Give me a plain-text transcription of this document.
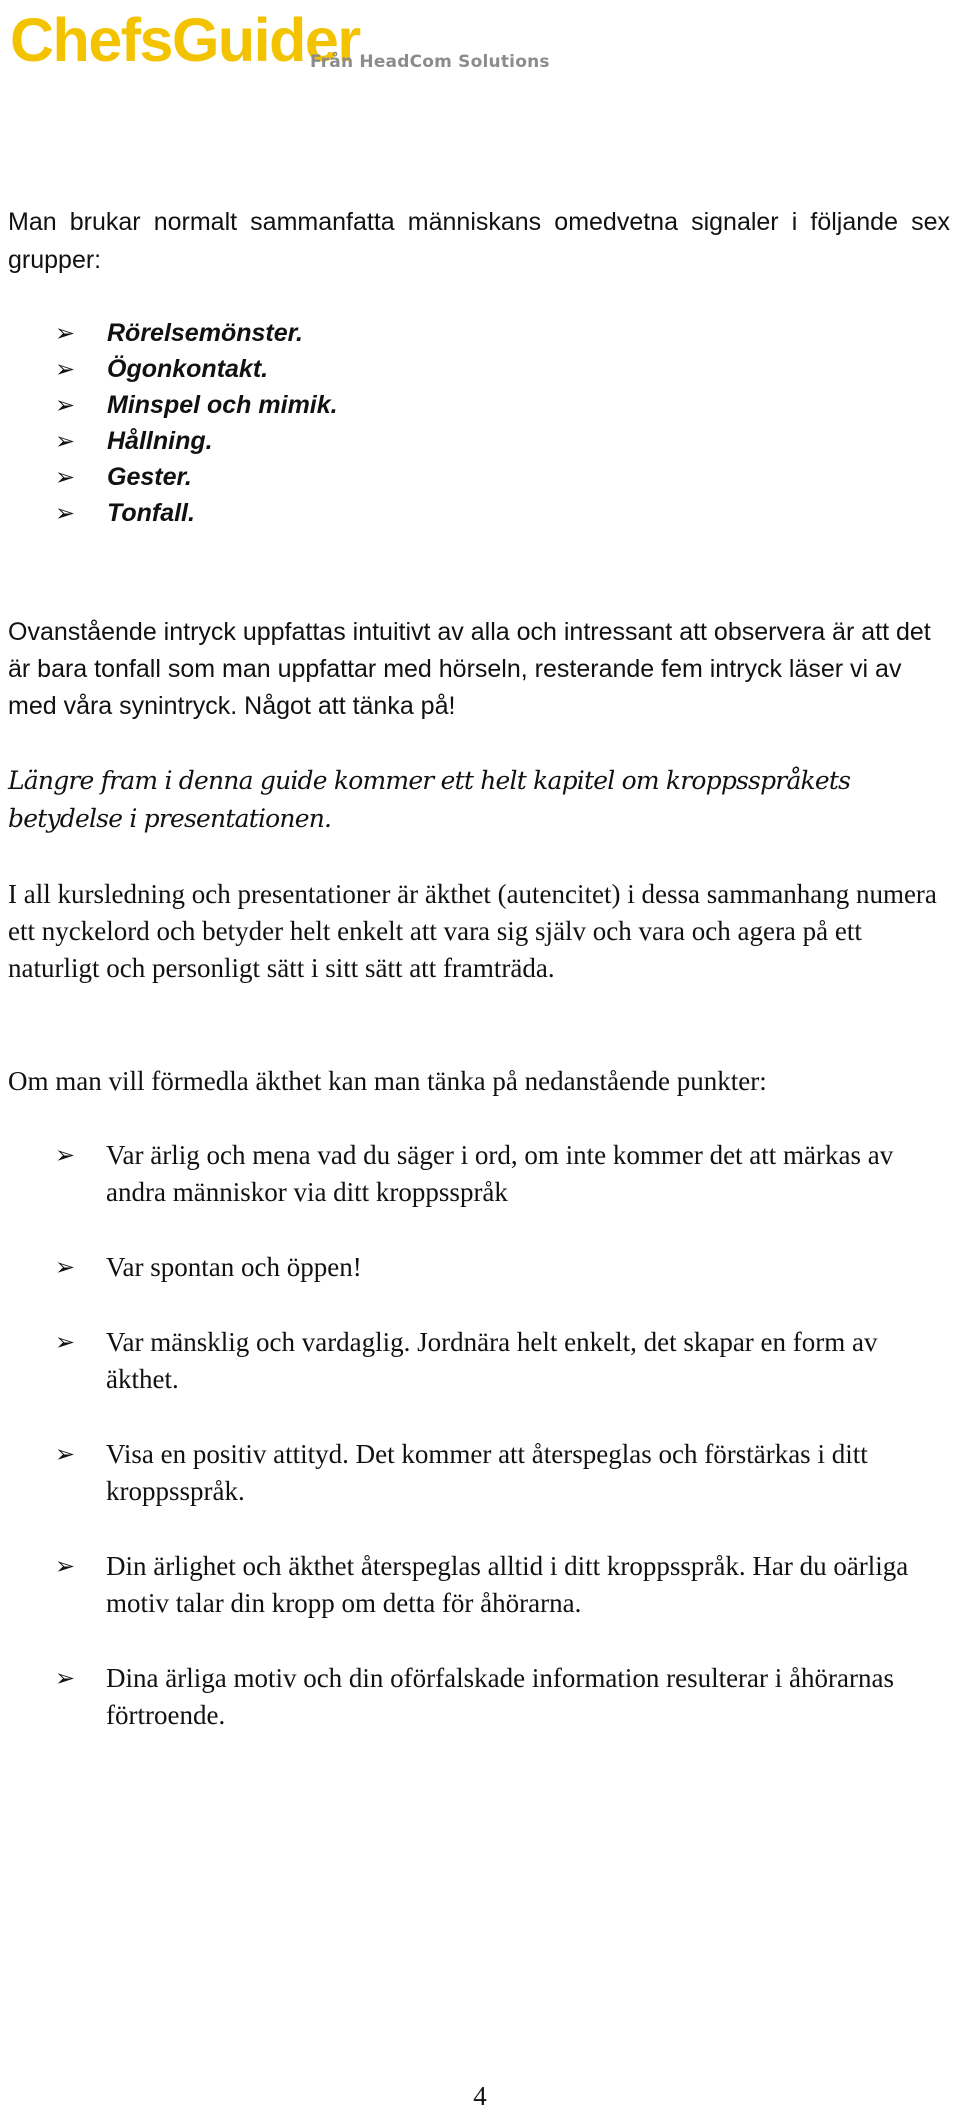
ChefsGuider
Från HeadCom Solutions

Man brukar normalt sammanfatta människans omedvetna signaler i följande sex grupper:

➢ Rörelsemönster.
➢ Ögonkontakt.
➢ Minspel och mimik.
➢ Hållning.
➢ Gester.
➢ Tonfall.

Ovanstående intryck uppfattas intuitivt av alla och intressant att observera är att det är bara tonfall som man uppfattar med hörseln, resterande fem intryck läser vi av med våra synintryck. Något att tänka på!

Längre fram i denna guide kommer ett helt kapitel om kroppsspråkets betydelse i presentationen.

I all kursledning och presentationer är äkthet (autencitet) i dessa sammanhang numera ett nyckelord och betyder helt enkelt att vara sig själv och vara och agera på ett naturligt och personligt sätt i sitt sätt att framträda.

Om man vill förmedla äkthet kan man tänka på nedanstående punkter:

➢ Var ärlig och mena vad du säger i ord, om inte kommer det att märkas av andra människor via ditt kroppsspråk
➢ Var spontan och öppen!
➢ Var mänsklig och vardaglig. Jordnära helt enkelt, det skapar en form av äkthet.
➢ Visa en positiv attityd. Det kommer att återspeglas och förstärkas i ditt kroppsspråk.
➢ Din ärlighet och äkthet återspeglas alltid i ditt kroppsspråk. Har du oärliga motiv talar din kropp om detta för åhörarna.
➢ Dina ärliga motiv och din oförfalskade information resulterar i åhörarnas förtroende.
4
